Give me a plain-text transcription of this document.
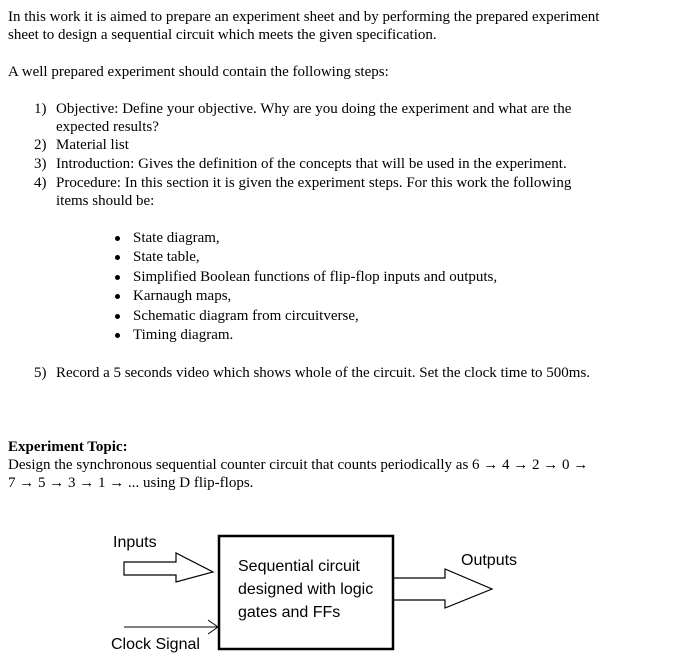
In this work it is aimed to prepare an experiment sheet and by performing the prepared experiment
sheet to design a sequential circuit which meets the given specification.
A well prepared experiment should contain the following steps:
1) Objective: Define your objective. Why are you doing the experiment and what are the
expected results?
2) Material list
3) Introduction: Gives the definition of the concepts that will be used in the experiment.
4) Procedure: In this section it is given the experiment steps. For this work the following
items should be:
State diagram,
State table,
Simplified Boolean functions of flip-flop inputs and outputs,
Karnaugh maps,
Schematic diagram from circuitverse,
Timing diagram.
5) Record a 5 seconds video which shows whole of the circuit. Set the clock time to 500ms.
Experiment Topic:
Design the synchronous sequential counter circuit that counts periodically as 6 → 4 → 2 → 0 →
7 → 5 → 3 → 1 → ... using D flip-flops.
Inputs
Outputs
Clock Signal
Sequential circuit
designed with logic
gates and FFs
